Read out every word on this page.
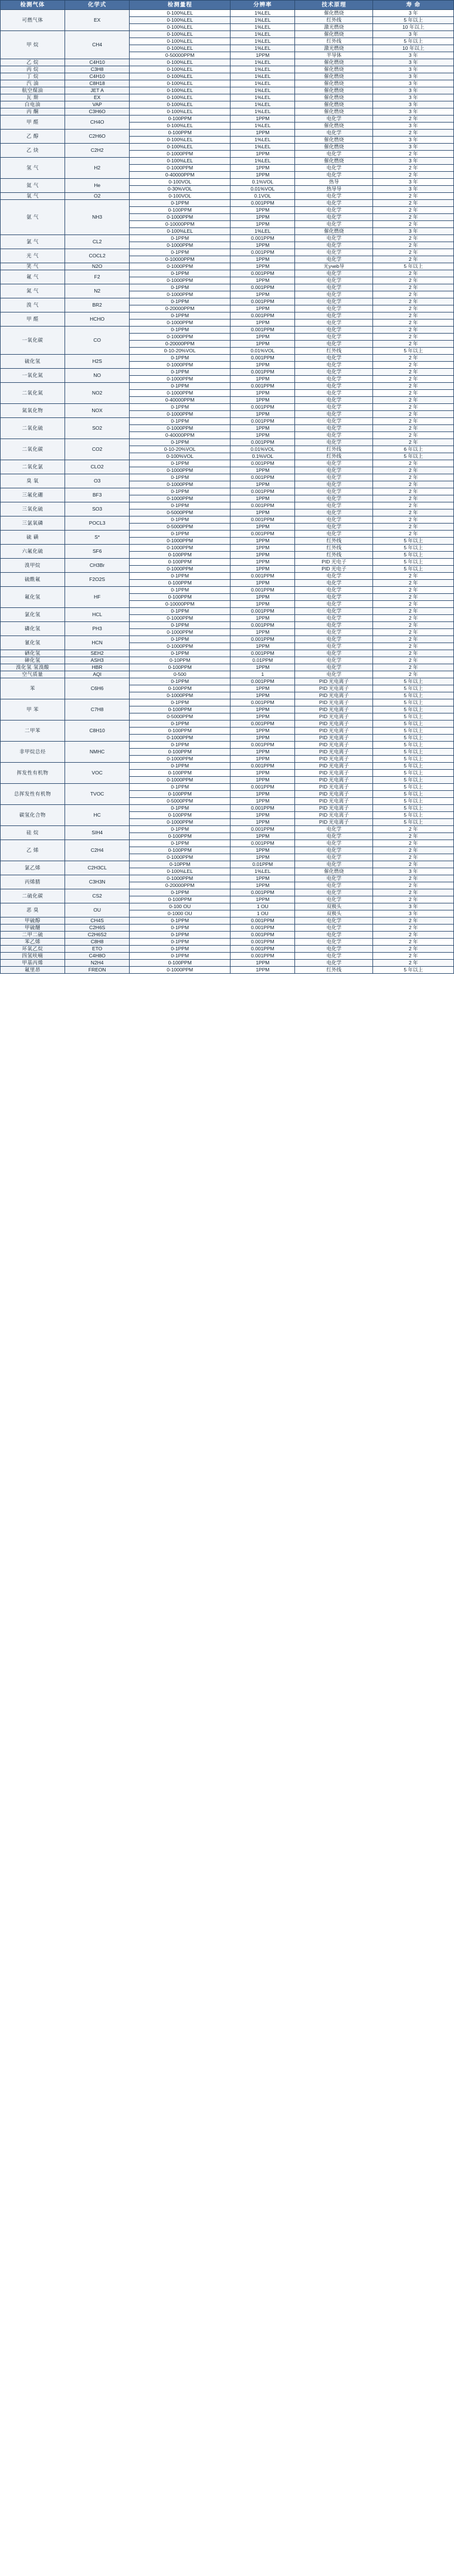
检测气体	化学式	检测量程	分辨率	技术原理	寿 命
可燃气体	EX	0-100%LEL	1%LEL	催化燃烧	3 年
		0-100%LEL	1%LEL	红外线	5 年以上
		0-100%LEL	1%LEL	激光燃烧	10 年以上
甲 烷	CH4	0-100%LEL	1%LEL	催化燃烧	3 年
		0-100%LEL	1%LEL	红外线	5 年以上
		0-100%LEL	1%LEL	激光燃烧	10 年以上
		0-50000PPM	1PPM	半导体	3 年
乙 烷	C4H10	0-100%LEL	1%LEL	催化燃烧	3 年
丙 烷	C3H8	0-100%LEL	1%LEL	催化燃烧	3 年
丁 烷	C4H10	0-100%LEL	1%LEL	催化燃烧	3 年
汽 油	C8H18	0-100%LEL	1%LEL	催化燃烧	3 年
航空煤油	JET A	0-100%LEL	1%LEL	催化燃烧	3 年
瓦 斯	EX	0-100%LEL	1%LEL	催化燃烧	3 年
白电油	VAP	0-100%LEL	1%LEL	催化燃烧	3 年
丙 酮	C3H6O	0-100%LEL	1%LEL	催化燃烧	3 年
甲 醛	CH4O	0-100PPM	1PPM	电化学	2 年
		0-100%LEL	1%LEL	催化燃烧	3 年
乙 醇	C2H6O	0-100PPM	1PPM	电化学	2 年
		0-100%LEL	1%LEL	催化燃烧	3 年
乙 炔	C2H2	0-100%LEL	1%LEL	催化燃烧	3 年
		0-1000PPM	1PPM	电化学	2 年
氢 气	H2	0-100%LEL	1%LEL	催化燃烧	3 年
		0-1000PPM	1PPM	电化学	2 年
		0-40000PPM	1PPM	电化学	2 年
氦 气	He	0-100VOL	0.1%VOL	热导	3 年
		0-30%VOL	0.01%VOL	热导导	3 年
氧 气	O2	0-100VOL	0.1VOL	电化学	2 年
氨 气	NH3	0-1PPM	0.001PPM	电化学	2 年
		0-100PPM	1PPM	电化学	2 年
		0-1000PPM	1PPM	电化学	2 年
		0-10000PPM	1PPM	电化学	2 年
		0-100%LEL	1%LEL	催化燃烧	3 年
氯 气	CL2	0-1PPM	0.001PPM	电化学	2 年
		0-1000PPM	1PPM	电化学	2 年
光 气	COCL2	0-1PPM	0.001PPM	电化学	2 年
		0-10000PPM	1PPM	电化学	2 年
笑 气	N2O	0-1000PPM	1PPM	光учеb导	5 年以上
氟 气	F2	0-1PPM	0.001PPM	电化学	2 年
		0-1000PPM	1PPM	电化学	2 年
氮 气	N2	0-1PPM	0.001PPM	电化学	2 年
		0-1000PPM	1PPM	电化学	2 年
溴 气	BR2	0-1PPM	0.001PPM	电化学	2 年
		0-20000PPM	1PPM	电化学	2 年
甲 醛	HCHO	0-1PPM	0.001PPM	电化学	2 年
		0-1000PPM	1PPM	电化学	2 年
一氧化碳	CO	0-1PPM	0.001PPM	电化学	2 年
		0-1000PPM	1PPM	电化学	2 年
		0-20000PPM	1PPM	电化学	2 年
		0-10-20%VOL	0.01%VOL	红外线	5 年以上
硫化氢	H2S	0-1PPM	0.001PPM	电化学	2 年
		0-1000PPM	1PPM	电化学	2 年
一氧化氮	NO	0-1PPM	0.001PPM	电化学	2 年
		0-1000PPM	1PPM	电化学	2 年
二氧化氮	NO2	0-1PPM	0.001PPM	电化学	2 年
		0-1000PPM	1PPM	电化学	2 年
		0-40000PPM	1PPM	电化学	2 年
氮氧化物	NOX	0-1PPM	0.001PPM	电化学	2 年
		0-1000PPM	1PPM	电化学	2 年
二氧化硫	SO2	0-1PPM	0.001PPM	电化学	2 年
		0-1000PPM	1PPM	电化学	2 年
		0-40000PPM	1PPM	电化学	2 年
二氧化碳	CO2	0-1PPM	0.001PPM	电化学	2 年
		0-10-20%VOL	0.01%VOL	红外线	6 年以上
		0-100%VOL	0.1%VOL	红外线	5 年以上
二氧化氯	CLO2	0-1PPM	0.001PPM	电化学	2 年
		0-1000PPM	1PPM	电化学	2 年
臭 氧	O3	0-1PPM	0.001PPM	电化学	2 年
		0-1000PPM	1PPM	电化学	2 年
三氟化硼	BF3	0-1PPM	0.001PPM	电化学	2 年
		0-1000PPM	1PPM	电化学	2 年
三氧化硫	SO3	0-1PPM	0.001PPM	电化学	2 年
		0-5000PPM	1PPM	电化学	2 年
三氯氧磷	POCL3	0-1PPM	0.001PPM	电化学	2 年
		0-5000PPM	1PPM	电化学	2 年
硫 磺	S*	0-1PPM	0.001PPM	电化学	2 年
		0-1000PPM	1PPM	红外线	5 年以上
六氟化硫	SF6	0-1000PPM	1PPM	红外线	5 年以上
		0-100PPM	1PPM	红外线	5 年以上
溴甲烷	CH3Br	0-100PPM	1PPM	PID 光电子	5 年以上
		0-1000PPM	1PPM	PID 光电子	5 年以上
硫酰氟	F2O2S	0-1PPM	0.001PPM	电化学	2 年
		0-100PPM	1PPM	电化学	2 年
氟化氢	HF	0-1PPM	0.001PPM	电化学	2 年
		0-100PPM	1PPM	电化学	2 年
		0-10000PPM	1PPM	电化学	2 年
氯化氢	HCL	0-1PPM	0.001PPM	电化学	2 年
		0-1000PPM	1PPM	电化学	2 年
磷化氢	PH3	0-1PPM	0.001PPM	电化学	2 年
		0-1000PPM	1PPM	电化学	2 年
氰化氢	HCN	0-1PPM	0.001PPM	电化学	2 年
		0-1000PPM	1PPM	电化学	2 年
硒化氢	SEH2	0-1PPM	0.001PPM	电化学	2 年
砷化氢	ASH3	0-10PPM	0.01PPM	电化学	2 年
溴化氢 氢溴酸	HBR	0-100PPM	1PPM	电化学	2 年
空气质量	AQI	0-500	1	电化学	2 年
苯	C6H6	0-1PPM	0.001PPM	PID 光电离子	5 年以上
		0-100PPM	1PPM	PID 光电离子	5 年以上
		0-1000PPM	1PPM	PID 光电离子	5 年以上
甲 苯	C7H8	0-1PPM	0.001PPM	PID 光电离子	5 年以上
		0-100PPM	1PPM	PID 光电离子	5 年以上
		0-5000PPM	1PPM	PID 光电离子	5 年以上
二甲苯	C8H10	0-1PPM	0.001PPM	PID 光电离子	5 年以上
		0-100PPM	1PPM	PID 光电离子	5 年以上
		0-1000PPM	1PPM	PID 光电离子	5 年以上
非甲烷总烃	NMHC	0-1PPM	0.001PPM	PID 光电离子	5 年以上
		0-100PPM	1PPM	PID 光电离子	5 年以上
		0-1000PPM	1PPM	PID 光电离子	5 年以上
挥发性有机物	VOC	0-1PPM	0.001PPM	PID 光电离子	5 年以上
		0-100PPM	1PPM	PID 光电离子	5 年以上
		0-1000PPM	1PPM	PID 光电离子	5 年以上
总挥发性有机物	TVOC	0-1PPM	0.001PPM	PID 光电离子	5 年以上
		0-100PPM	1PPM	PID 光电离子	5 年以上
		0-5000PPM	1PPM	PID 光电离子	5 年以上
碳氢化合物	HC	0-1PPM	0.001PPM	PID 光电离子	5 年以上
		0-100PPM	1PPM	PID 光电离子	5 年以上
		0-1000PPM	1PPM	PID 光电离子	5 年以上
硅 烷	SIH4	0-1PPM	0.001PPM	电化学	2 年
		0-100PPM	1PPM	电化学	2 年
乙 烯	C2H4	0-1PPM	0.001PPM	电化学	2 年
		0-100PPM	1PPM	电化学	2 年
		0-1000PPM	1PPM	电化学	2 年
氯乙烯	C2H3CL	0-10PPM	0.01PPM	电化学	2 年
		0-100%LEL	1%LEL	催化燃烧	3 年
丙烯腈	C3H3N	0-1000PPM	1PPM	电化学	2 年
		0-20000PPM	1PPM	电化学	2 年
二硫化碳	CS2	0-1PPM	0.001PPM	电化学	2 年
		0-100PPM	1PPM	电化学	2 年
恶 臭	OU	0-100 OU	1 OU	双极头	3 年
		0-1000 OU	1 OU	双极头	3 年
甲硫醇	CH4S	0-1PPM	0.001PPM	电化学	2 年
甲硫醚	C2H6S	0-1PPM	0.001PPM	电化学	2 年
二甲二硫	C2H6S2	0-1PPM	0.001PPM	电化学	2 年
苯乙烯	C8H8	0-1PPM	0.001PPM	电化学	2 年
环氧乙烷	ETO	0-1PPM	0.001PPM	电化学	2 年
四氢呋喃	C4H8O	0-1PPM	0.001PPM	电化学	2 年
甲基丙烯	N2H4	0-100PPM	1PPM	电化学	2 年
氟里昂	FREON	0-1000PPM	1PPM	红外线	5 年以上
